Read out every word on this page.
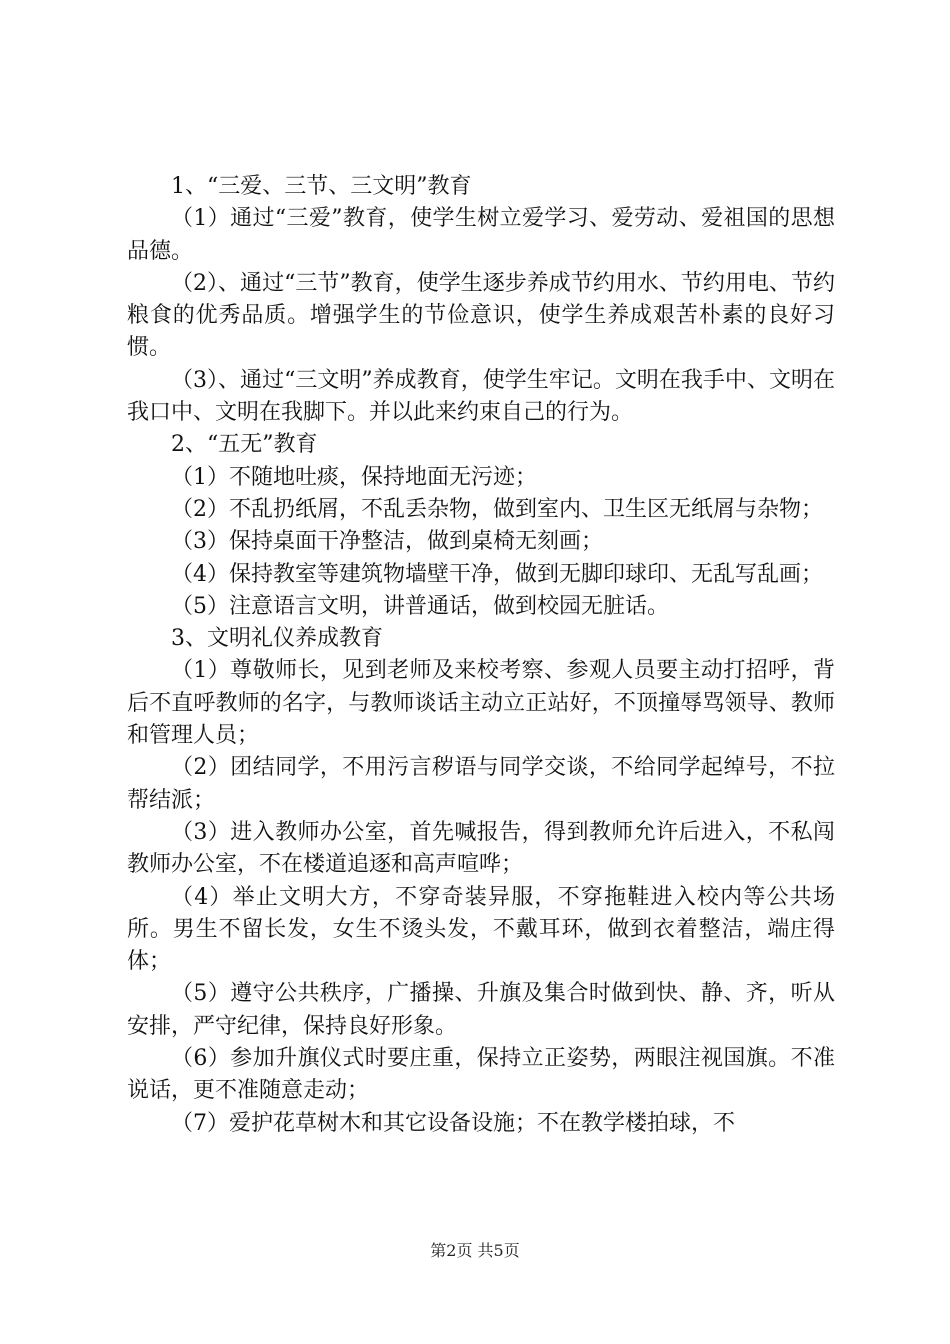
1、“三爱、三节、三文明”教育

（1）通过“三爱”教育，使学生树立爱学习、爱劳动、爱祖国的思想品德。

（2）、通过“三节”教育，使学生逐步养成节约用水、节约用电、节约粮食的优秀品质。增强学生的节俭意识，使学生养成艰苦朴素的良好习惯。

（3）、通过“三文明”养成教育，使学生牢记。文明在我手中、文明在我口中、文明在我脚下。并以此来约束自己的行为。

2、“五无”教育

（1）不随地吐痰，保持地面无污迹；

（2）不乱扔纸屑，不乱丢杂物，做到室内、卫生区无纸屑与杂物；

（3）保持桌面干净整洁，做到桌椅无刻画；

（4）保持教室等建筑物墙壁干净，做到无脚印球印、无乱写乱画；

（5）注意语言文明，讲普通话，做到校园无脏话。

3、文明礼仪养成教育

（1）尊敬师长，见到老师及来校考察、参观人员要主动打招呼，背后不直呼教师的名字，与教师谈话主动立正站好，不顶撞辱骂领导、教师和管理人员；

（2）团结同学，不用污言秽语与同学交谈，不给同学起绰号，不拉帮结派；

（3）进入教师办公室，首先喊报告，得到教师允许后进入，不私闯教师办公室，不在楼道追逐和高声喧哗；

（4）举止文明大方，不穿奇装异服，不穿拖鞋进入校内等公共场所。男生不留长发，女生不烫头发，不戴耳环，做到衣着整洁，端庄得体；

（5）遵守公共秩序，广播操、升旗及集合时做到快、静、齐，听从安排，严守纪律，保持良好形象。

（6）参加升旗仪式时要庄重，保持立正姿势，两眼注视国旗。不准说话，更不准随意走动；

（7）爱护花草树木和其它设备设施；不在教学楼拍球，不

第2页 共5页
